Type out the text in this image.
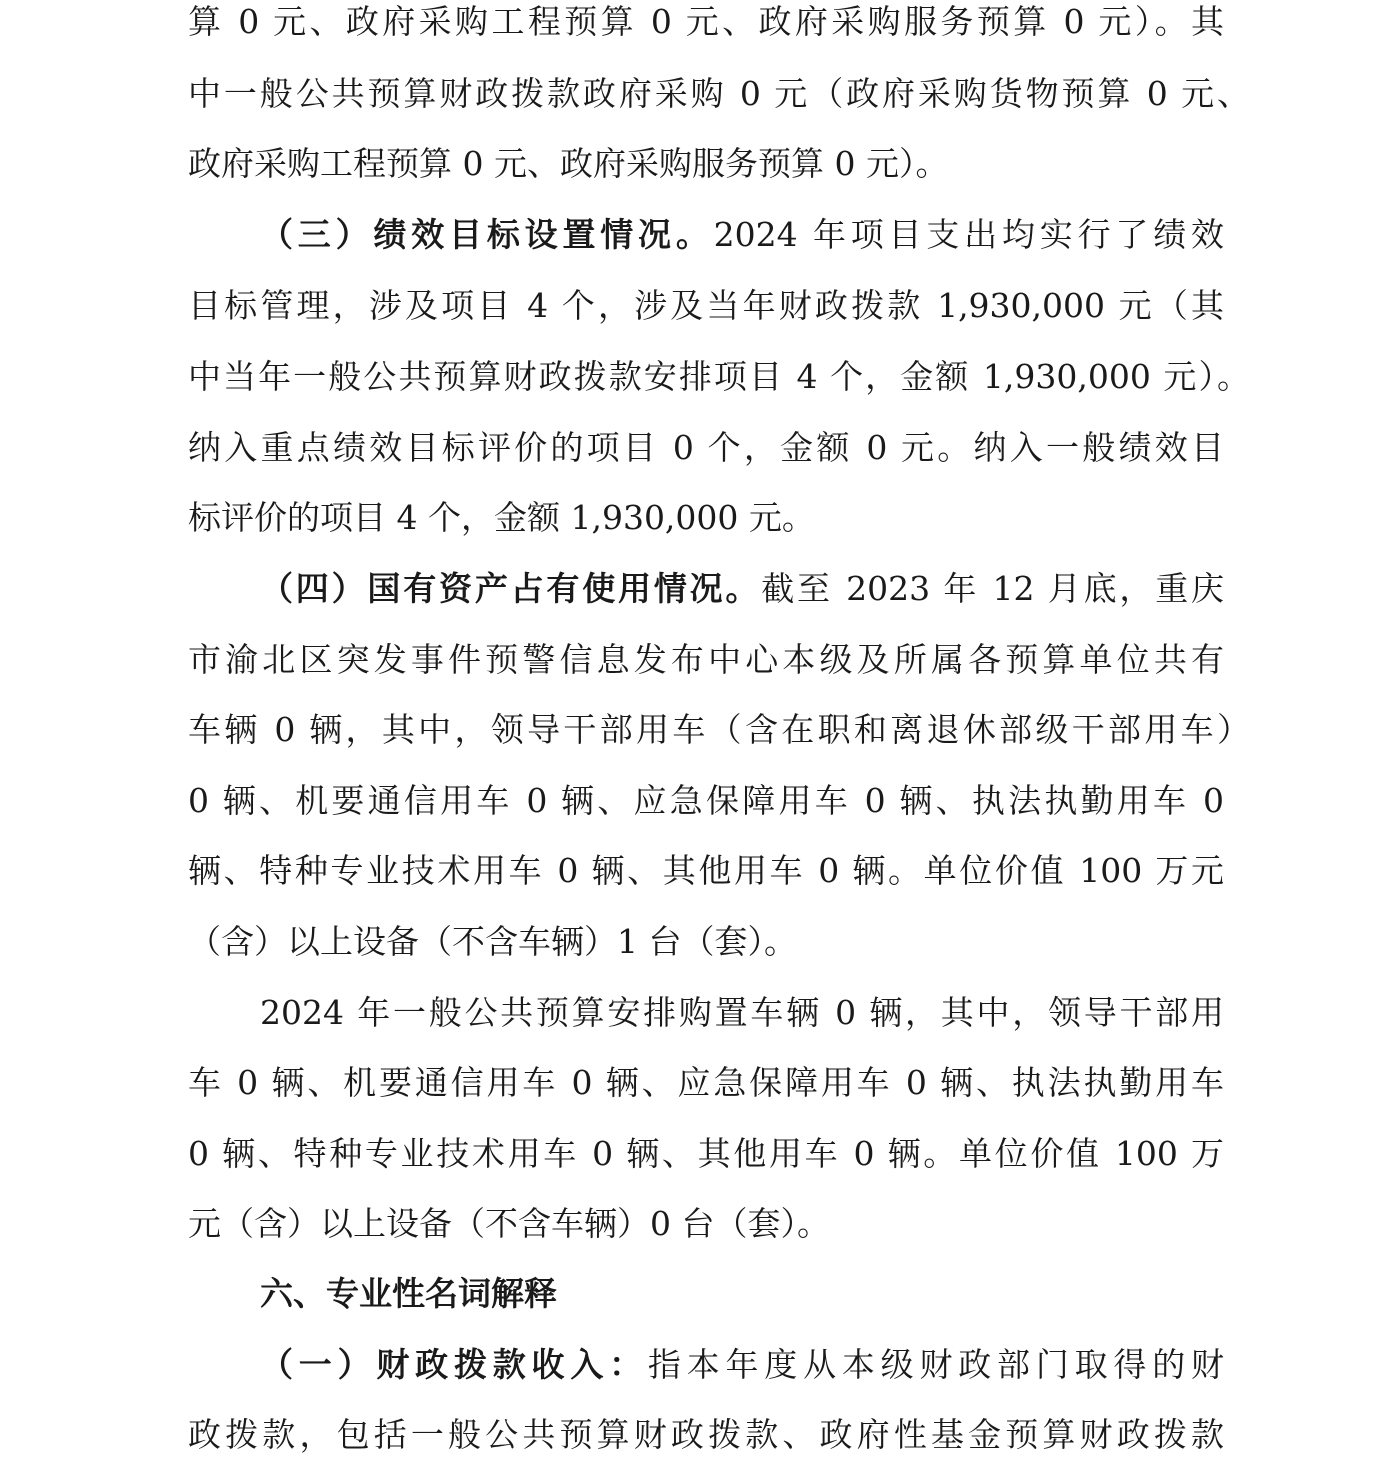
算 0 元、政府采购工程预算 0 元、政府采购服务预算 0 元）。其
中一般公共预算财政拨款政府采购 0 元（政府采购货物预算 0 元、
政府采购工程预算 0 元、政府采购服务预算 0 元）。
（三）绩效目标设置情况。2024 年项目支出均实行了绩效
目标管理，涉及项目 4 个，涉及当年财政拨款 1,930,000 元（其
中当年一般公共预算财政拨款安排项目 4 个，金额 1,930,000 元）。
纳入重点绩效目标评价的项目 0 个，金额 0 元。纳入一般绩效目
标评价的项目 4 个，金额 1,930,000 元。
（四）国有资产占有使用情况。截至 2023 年 12 月底，重庆
市渝北区突发事件预警信息发布中心本级及所属各预算单位共有
车辆 0 辆，其中，领导干部用车（含在职和离退休部级干部用车）
0 辆、机要通信用车 0 辆、应急保障用车 0 辆、执法执勤用车 0
辆、特种专业技术用车 0 辆、其他用车 0 辆。单位价值 100 万元
（含）以上设备（不含车辆）1 台（套）。
2024 年一般公共预算安排购置车辆 0 辆，其中，领导干部用
车 0 辆、机要通信用车 0 辆、应急保障用车 0 辆、执法执勤用车
0 辆、特种专业技术用车 0 辆、其他用车 0 辆。单位价值 100 万
元（含）以上设备（不含车辆）0 台（套）。
六、专业性名词解释
（一）财政拨款收入：指本年度从本级财政部门取得的财
政拨款，包括一般公共预算财政拨款、政府性基金预算财政拨款
